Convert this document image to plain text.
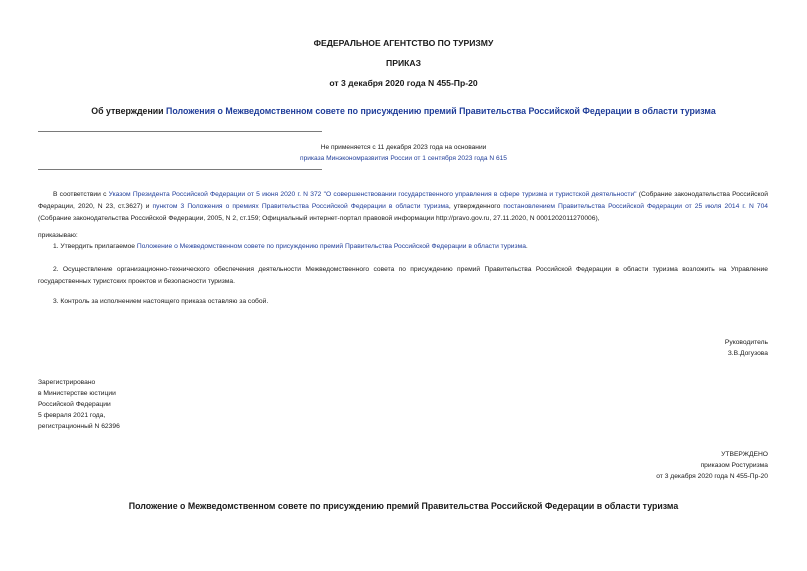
ФЕДЕРАЛЬНОЕ АГЕНТСТВО ПО ТУРИЗМУ
ПРИКАЗ
от 3 декабря 2020 года N 455-Пр-20
Об утверждении Положения о Межведомственном совете по присуждению премий Правительства Российской Федерации в области туризма
Не применяется с 11 декабря 2023 года на основании
приказа Минэкономразвития России от 1 сентября 2023 года N 615

В соответствии с Указом Президента Российской Федерации от 5 июня 2020 г. N 372 "О совершенствовании государственного управления в сфере туризма и туристской деятельности" (Собрание законодательства Российской Федерации, 2020, N 23, ст.3627) и пунктом 3 Положения о премиях Правительства Российской Федерации в области туризма, утвержденного постановлением Правительства Российской Федерации от 25 июля 2014 г. N 704 (Собрание законодательства Российской Федерации, 2005, N 2, ст.159; Официальный интернет-портал правовой информации http://pravo.gov.ru, 27.11.2020, N 0001202011270006),

приказываю:

1. Утвердить прилагаемое Положение о Межведомственном совете по присуждению премий Правительства Российской Федерации в области туризма.

2. Осуществление организационно-технического обеспечения деятельности Межведомственного совета по присуждению премий Правительства Российской Федерации в области туризма возложить на Управление государственных туристских проектов и безопасности туризма.

3. Контроль за исполнением настоящего приказа оставляю за собой.

Руководитель
З.В.Догузова
Зарегистрировано
в Министерстве юстиции
Российской Федерации
5 февраля 2021 года,
регистрационный N 62396
УТВЕРЖДЕНО
приказом Ростуризма
от 3 декабря 2020 года N 455-Пр-20
Положение о Межведомственном совете по присуждению премий Правительства Российской Федерации в области туризма
